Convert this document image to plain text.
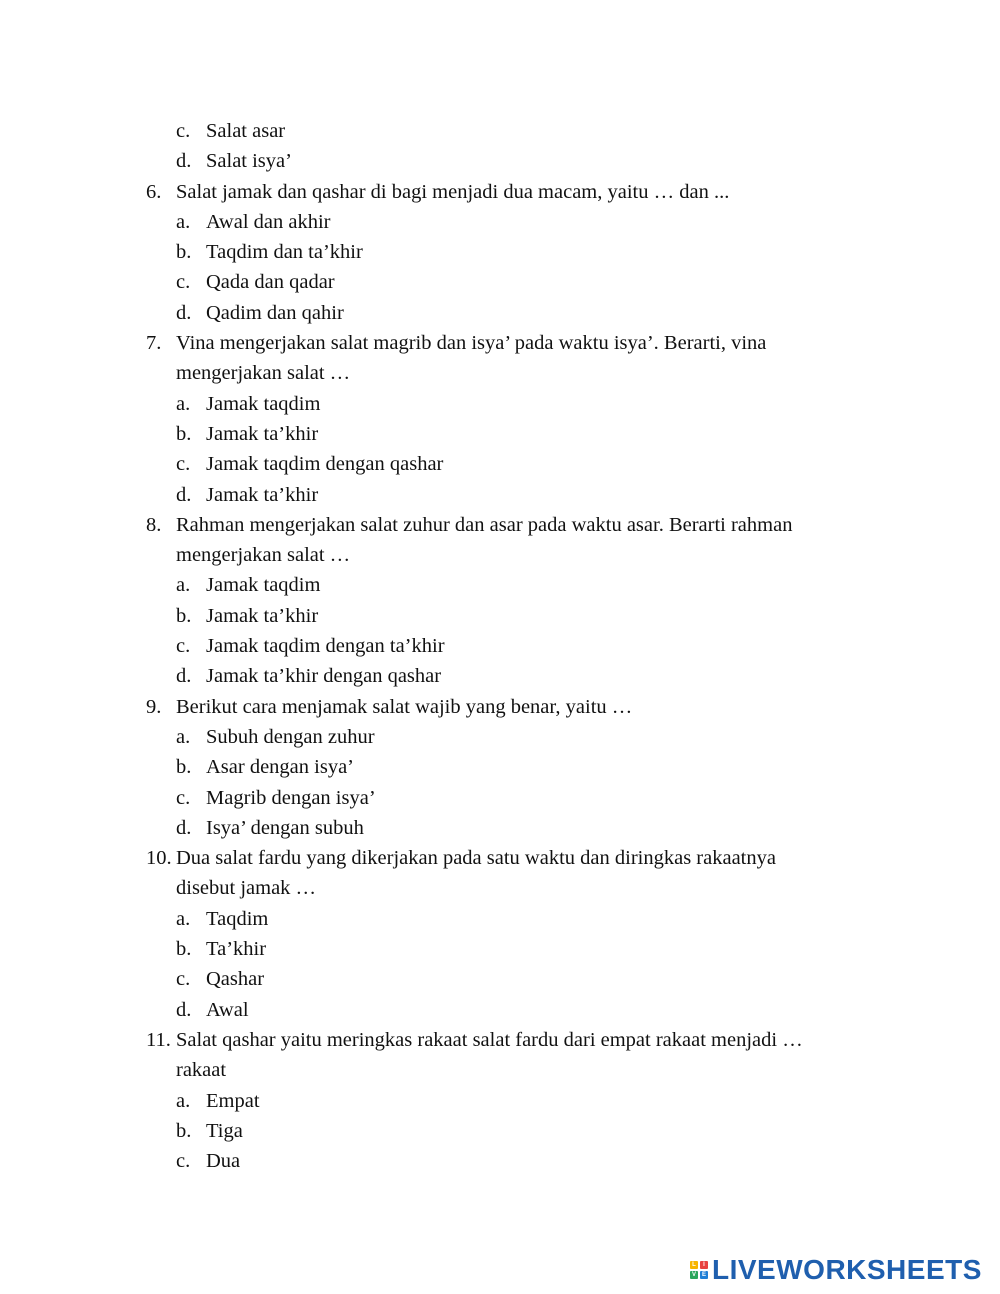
c. Salat asar
d. Salat isya’
6. Salat jamak dan qashar di bagi menjadi dua macam, yaitu … dan ...
a. Awal dan akhir
b. Taqdim dan ta’khir
c. Qada dan qadar
d. Qadim dan qahir
7. Vina mengerjakan salat magrib dan isya’ pada waktu isya’. Berarti, vina
mengerjakan salat …
a. Jamak taqdim
b. Jamak ta’khir
c. Jamak taqdim dengan qashar
d. Jamak ta’khir
8. Rahman mengerjakan salat zuhur dan asar pada waktu asar. Berarti rahman
mengerjakan salat …
a. Jamak taqdim
b. Jamak ta’khir
c. Jamak taqdim dengan ta’khir
d. Jamak ta’khir dengan qashar
9. Berikut cara menjamak salat wajib yang benar, yaitu …
a. Subuh dengan zuhur
b. Asar dengan isya’
c. Magrib dengan isya’
d. Isya’ dengan subuh
10. Dua salat fardu yang dikerjakan pada satu waktu dan diringkas rakaatnya
disebut jamak …
a. Taqdim
b. Ta’khir
c. Qashar
d. Awal
11. Salat qashar yaitu meringkas rakaat salat fardu dari empat rakaat menjadi …
rakaat
a. Empat
b. Tiga
c. Dua
L	I
V E LIVEWORKSHEETS
